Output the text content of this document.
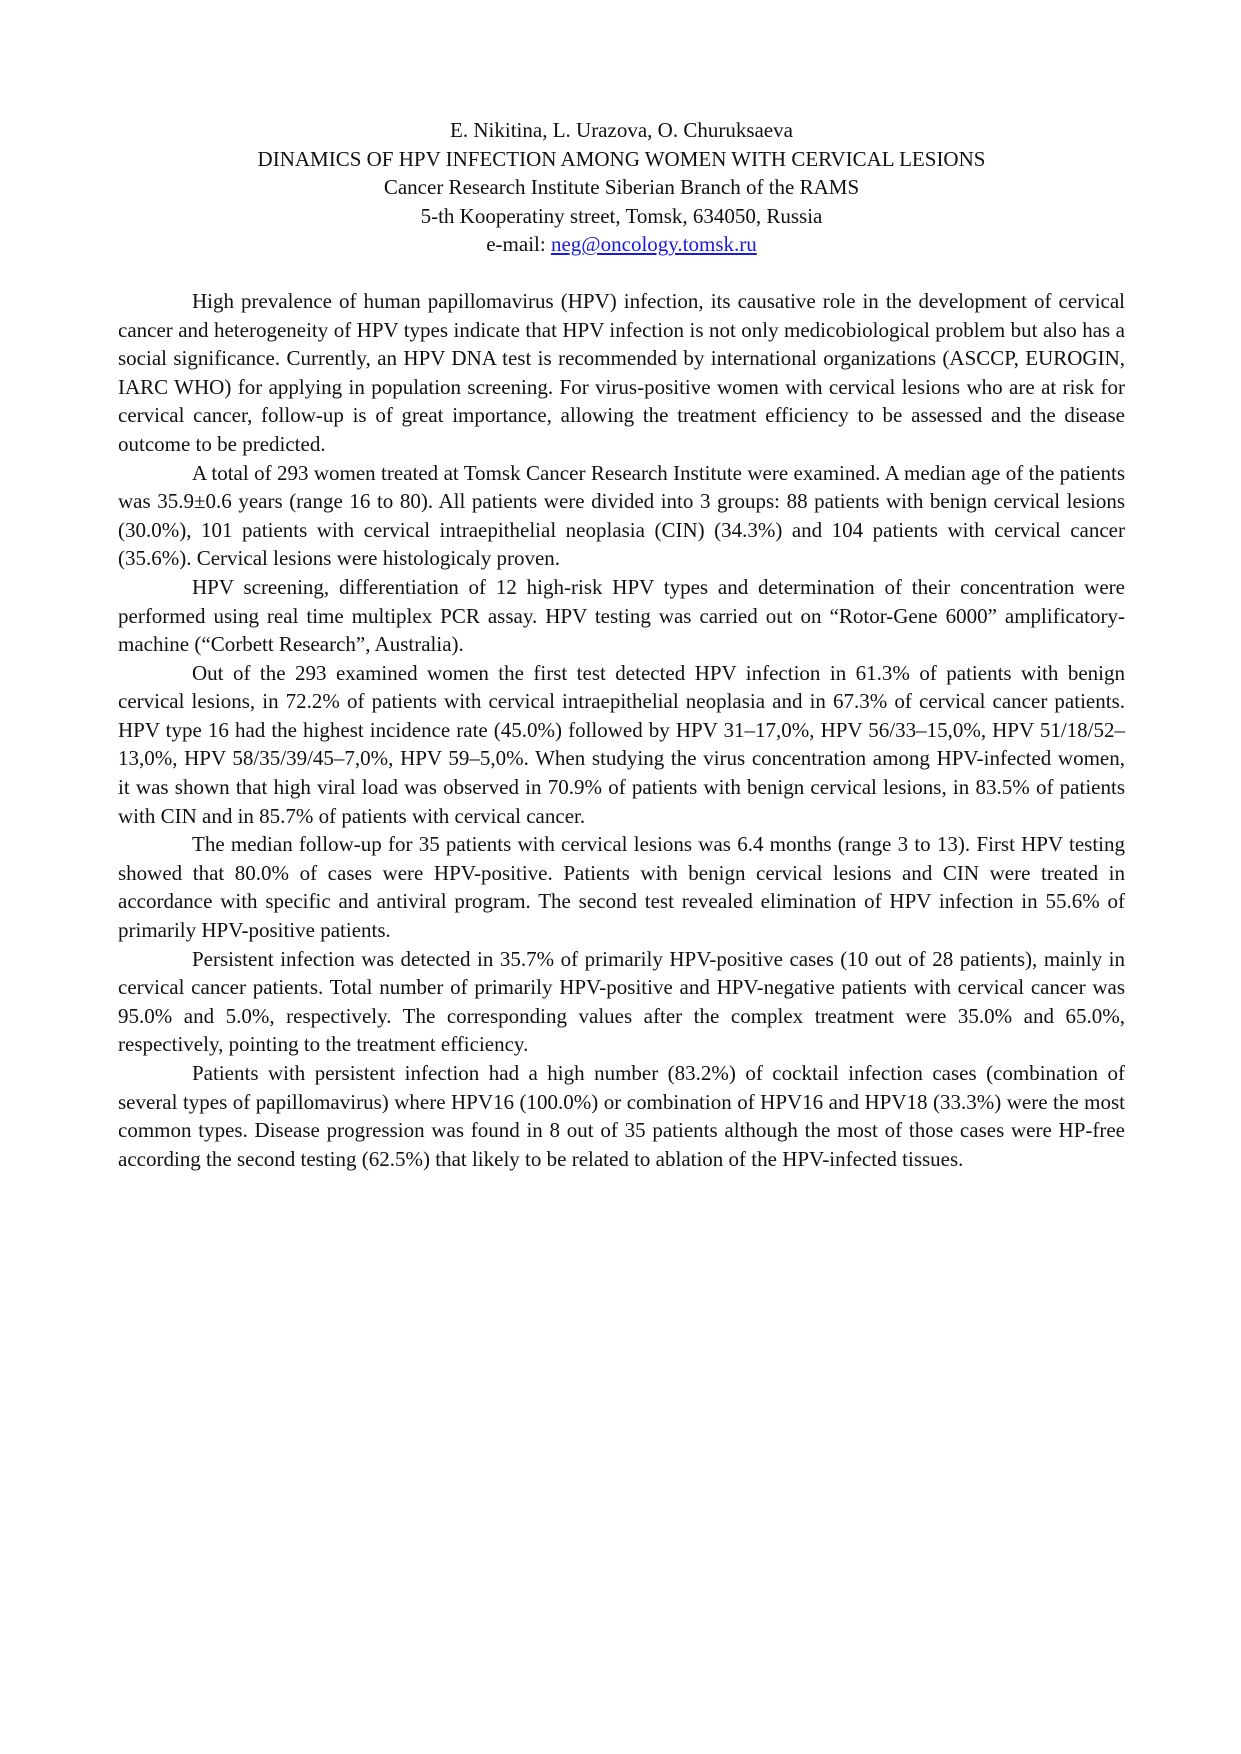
E. Nikitina, L. Urazova, O. Churuksaeva
DINAMICS OF HPV INFECTION AMONG WOMEN WITH CERVICAL LESIONS
Cancer Research Institute Siberian Branch of the RAMS
5-th Kooperatiny street, Tomsk, 634050, Russia
e-mail: neg@oncology.tomsk.ru

High prevalence of human papillomavirus (HPV) infection, its causative role in the development of cervical cancer and heterogeneity of HPV types indicate that HPV infection is not only medicobiological problem but also has a social significance. Currently, an HPV DNA test is recommended by international organizations (ASCCP, EUROGIN, IARC WHO) for applying in population screening. For virus-positive women with cervical lesions who are at risk for cervical cancer, follow-up is of great importance, allowing the treatment efficiency to be assessed and the disease outcome to be predicted.

A total of 293 women treated at Tomsk Cancer Research Institute were examined. A median age of the patients was 35.9±0.6 years (range 16 to 80). All patients were divided into 3 groups: 88 patients with benign cervical lesions (30.0%), 101 patients with cervical intraepithelial neoplasia (CIN) (34.3%) and 104 patients with cervical cancer (35.6%). Cervical lesions were histologicaly proven.

HPV screening, differentiation of 12 high-risk HPV types and determination of their concentration were performed using real time multiplex PCR assay. HPV testing was carried out on “Rotor-Gene 6000” amplificatory-machine (“Corbett Research”, Australia).

Out of the 293 examined women the first test detected HPV infection in 61.3% of patients with benign cervical lesions, in 72.2% of patients with cervical intraepithelial neoplasia and in 67.3% of cervical cancer patients. HPV type 16 had the highest incidence rate (45.0%) followed by HPV 31–17,0%, HPV 56/33–15,0%, HPV 51/18/52–13,0%, HPV 58/35/39/45–7,0%, HPV 59–5,0%. When studying the virus concentration among HPV-infected women, it was shown that high viral load was observed in 70.9% of patients with benign cervical lesions, in 83.5% of patients with CIN and in 85.7% of patients with cervical cancer.

The median follow-up for 35 patients with cervical lesions was 6.4 months (range 3 to 13). First HPV testing showed that 80.0% of cases were HPV-positive. Patients with benign cervical lesions and CIN were treated in accordance with specific and antiviral program. The second test revealed elimination of HPV infection in 55.6% of primarily HPV-positive patients.

Persistent infection was detected in 35.7% of primarily HPV-positive cases (10 out of 28 patients), mainly in cervical cancer patients. Total number of primarily HPV-positive and HPV-negative patients with cervical cancer was 95.0% and 5.0%, respectively. The corresponding values after the complex treatment were 35.0% and 65.0%, respectively, pointing to the treatment efficiency.

Patients with persistent infection had a high number (83.2%) of cocktail infection cases (combination of several types of papillomavirus) where HPV16 (100.0%) or combination of HPV16 and HPV18 (33.3%) were the most common types. Disease progression was found in 8 out of 35 patients although the most of those cases were HP-free according the second testing (62.5%) that likely to be related to ablation of the HPV-infected tissues.
